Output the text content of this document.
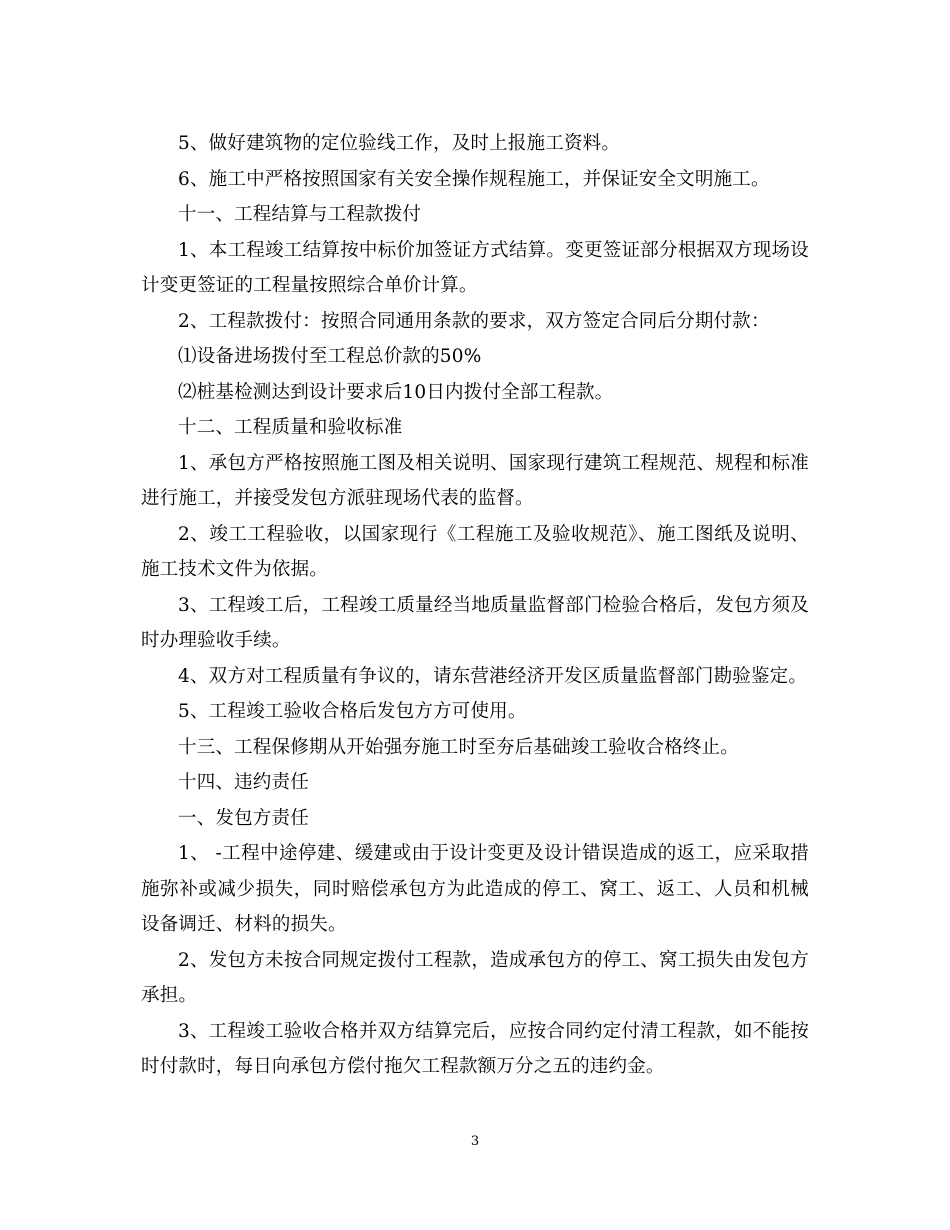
5、做好建筑物的定位验线工作，及时上报施工资料。

6、施工中严格按照国家有关安全操作规程施工，并保证安全文明施工。

十一、工程结算与工程款拨付

1、本工程竣工结算按中标价加签证方式结算。变更签证部分根据双方现场设计变更签证的工程量按照综合单价计算。

2、工程款拨付：按照合同通用条款的要求，双方签定合同后分期付款：

⑴设备进场拨付至工程总价款的50%

⑵桩基检测达到设计要求后10日内拨付全部工程款。

十二、工程质量和验收标准

1、承包方严格按照施工图及相关说明、国家现行建筑工程规范、规程和标准进行施工，并接受发包方派驻现场代表的监督。

2、竣工工程验收，以国家现行《工程施工及验收规范》、施工图纸及说明、施工技术文件为依据。

3、工程竣工后，工程竣工质量经当地质量监督部门检验合格后，发包方须及时办理验收手续。

4、双方对工程质量有争议的，请东营港经济开发区质量监督部门勘验鉴定。

5、工程竣工验收合格后发包方方可使用。

十三、工程保修期从开始强夯施工时至夯后基础竣工验收合格终止。

十四、违约责任

一、发包方责任

1、 -工程中途停建、缓建或由于设计变更及设计错误造成的返工，应采取措施弥补或减少损失，同时赔偿承包方为此造成的停工、窝工、返工、人员和机械设备调迁、材料的损失。

2、发包方未按合同规定拨付工程款，造成承包方的停工、窝工损失由发包方承担。

3、工程竣工验收合格并双方结算完后，应按合同约定付清工程款，如不能按时付款时，每日向承包方偿付拖欠工程款额万分之五的违约金。

3
